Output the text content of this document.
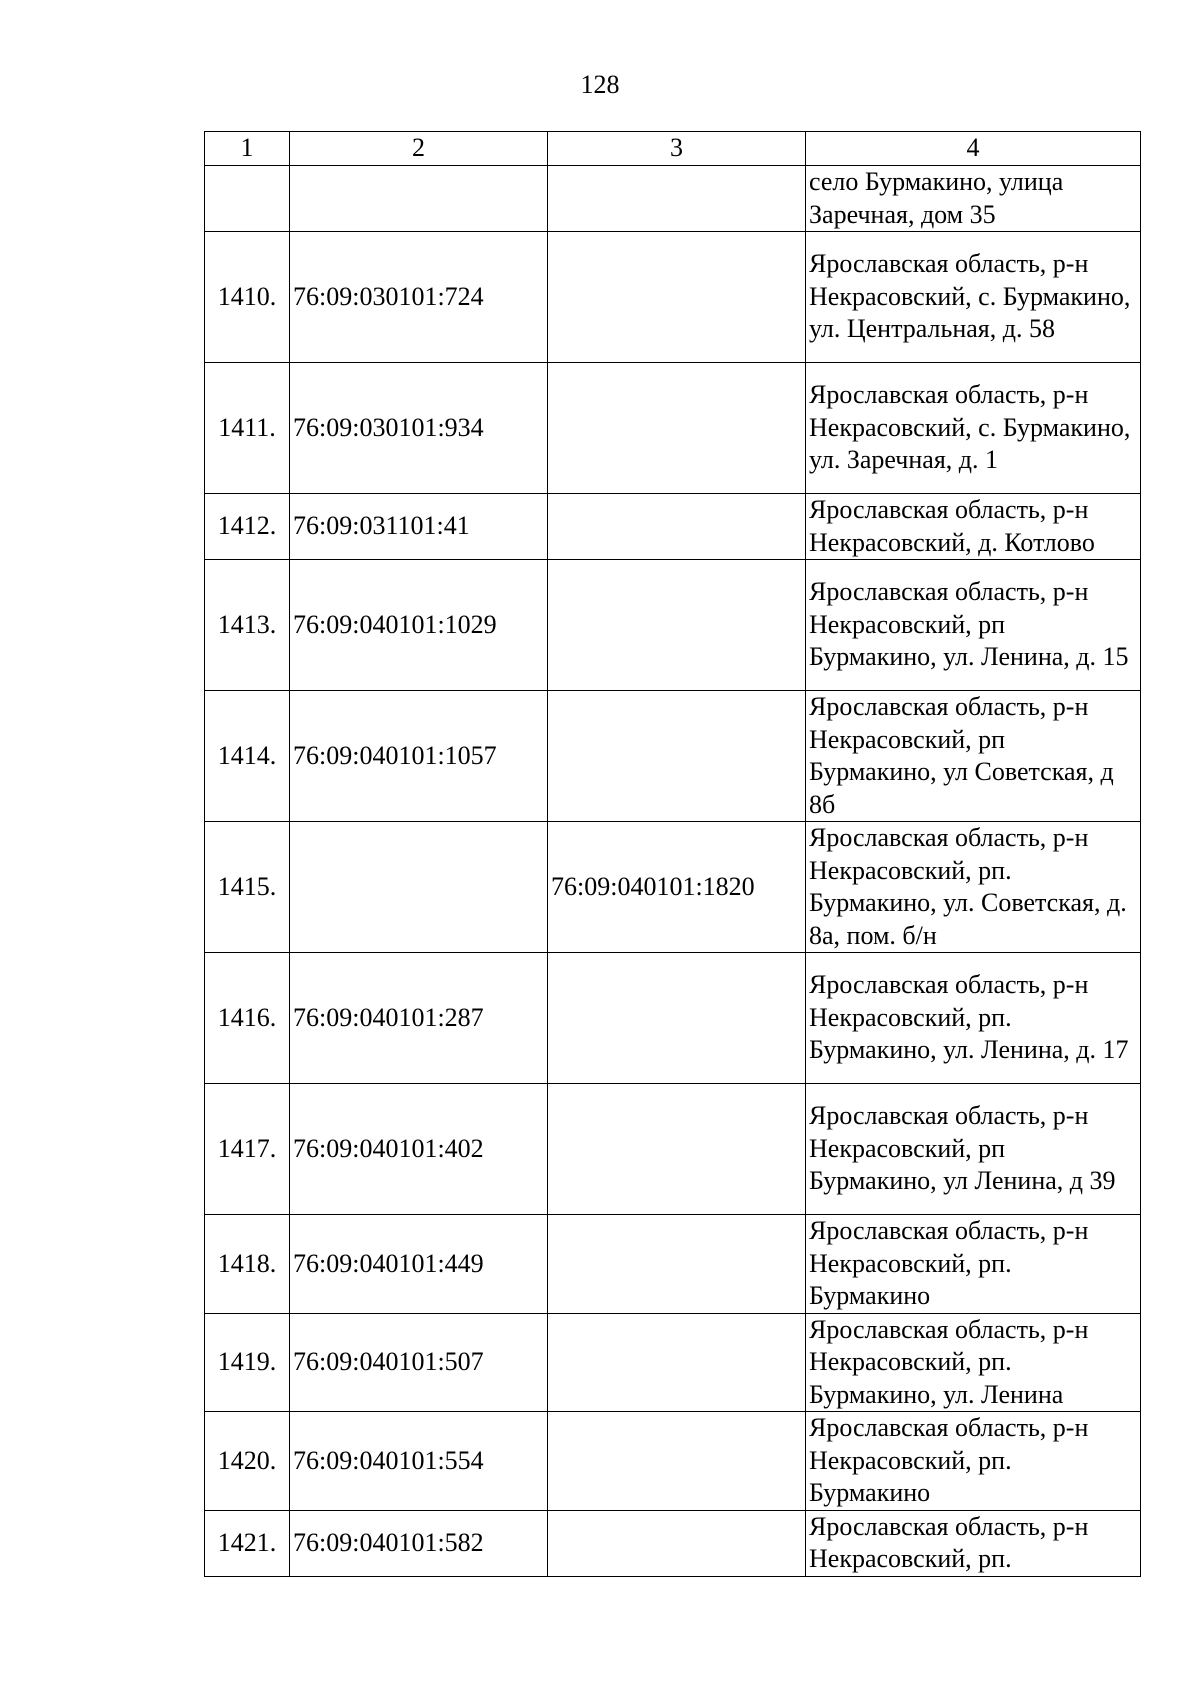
128
1	2	3	4
			село Бурмакино, улица Заречная, дом 35
1410.	76:09:030101:724		Ярославская область, р-н Некрасовский, с. Бурмакино, ул. Центральная, д. 58
1411.	76:09:030101:934		Ярославская область, р-н Некрасовский, с. Бурмакино, ул. Заречная, д. 1
1412.	76:09:031101:41		Ярославская область, р-н Некрасовский, д. Котлово
1413.	76:09:040101:1029		Ярославская область, р-н Некрасовский, рп Бурмакино, ул. Ленина, д. 15
1414.	76:09:040101:1057		Ярославская область, р-н Некрасовский, рп Бурмакино, ул Советская, д 8б
1415.		76:09:040101:1820	Ярославская область, р-н Некрасовский, рп. Бурмакино, ул. Советская, д. 8а, пом. б/н
1416.	76:09:040101:287		Ярославская область, р-н Некрасовский, рп. Бурмакино, ул. Ленина, д. 17
1417.	76:09:040101:402		Ярославская область, р-н Некрасовский, рп Бурмакино, ул Ленина, д 39
1418.	76:09:040101:449		Ярославская область, р-н Некрасовский, рп. Бурмакино
1419.	76:09:040101:507		Ярославская область, р-н Некрасовский, рп. Бурмакино, ул. Ленина
1420.	76:09:040101:554		Ярославская область, р-н Некрасовский, рп. Бурмакино
1421.	76:09:040101:582		Ярославская область, р-н Некрасовский, рп.
